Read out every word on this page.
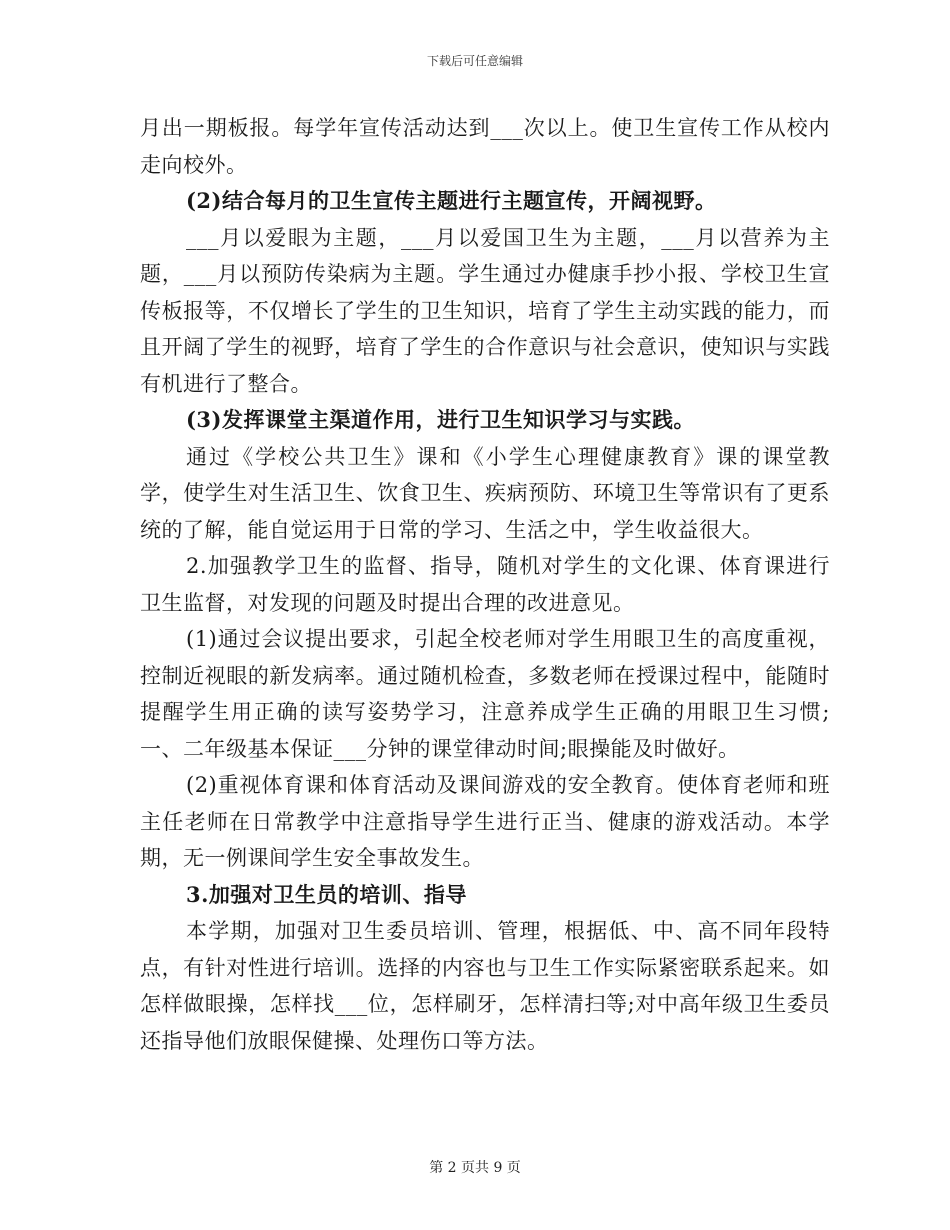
下载后可任意编辑

月出一期板报。每学年宣传活动达到___次以上。使卫生宣传工作从校内走向校外。

(2)结合每月的卫生宣传主题进行主题宣传，开阔视野。

___月以爱眼为主题，___月以爱国卫生为主题，___月以营养为主题，___月以预防传染病为主题。学生通过办健康手抄小报、学校卫生宣传板报等，不仅增长了学生的卫生知识，培育了学生主动实践的能力，而且开阔了学生的视野，培育了学生的合作意识与社会意识，使知识与实践有机进行了整合。

(3)发挥课堂主渠道作用，进行卫生知识学习与实践。

通过《学校公共卫生》课和《小学生心理健康教育》课的课堂教学，使学生对生活卫生、饮食卫生、疾病预防、环境卫生等常识有了更系统的了解，能自觉运用于日常的学习、生活之中，学生收益很大。

2.加强教学卫生的监督、指导，随机对学生的文化课、体育课进行卫生监督，对发现的问题及时提出合理的改进意见。

(1)通过会议提出要求，引起全校老师对学生用眼卫生的高度重视，控制近视眼的新发病率。通过随机检查，多数老师在授课过程中，能随时提醒学生用正确的读写姿势学习，注意养成学生正确的用眼卫生习惯;一、二年级基本保证___分钟的课堂律动时间;眼操能及时做好。

(2)重视体育课和体育活动及课间游戏的安全教育。使体育老师和班主任老师在日常教学中注意指导学生进行正当、健康的游戏活动。本学期，无一例课间学生安全事故发生。

3.加强对卫生员的培训、指导

本学期，加强对卫生委员培训、管理，根据低、中、高不同年段特点，有针对性进行培训。选择的内容也与卫生工作实际紧密联系起来。如怎样做眼操，怎样找___位，怎样刷牙，怎样清扫等;对中高年级卫生委员还指导他们放眼保健操、处理伤口等方法。

第 2 页共 9 页
